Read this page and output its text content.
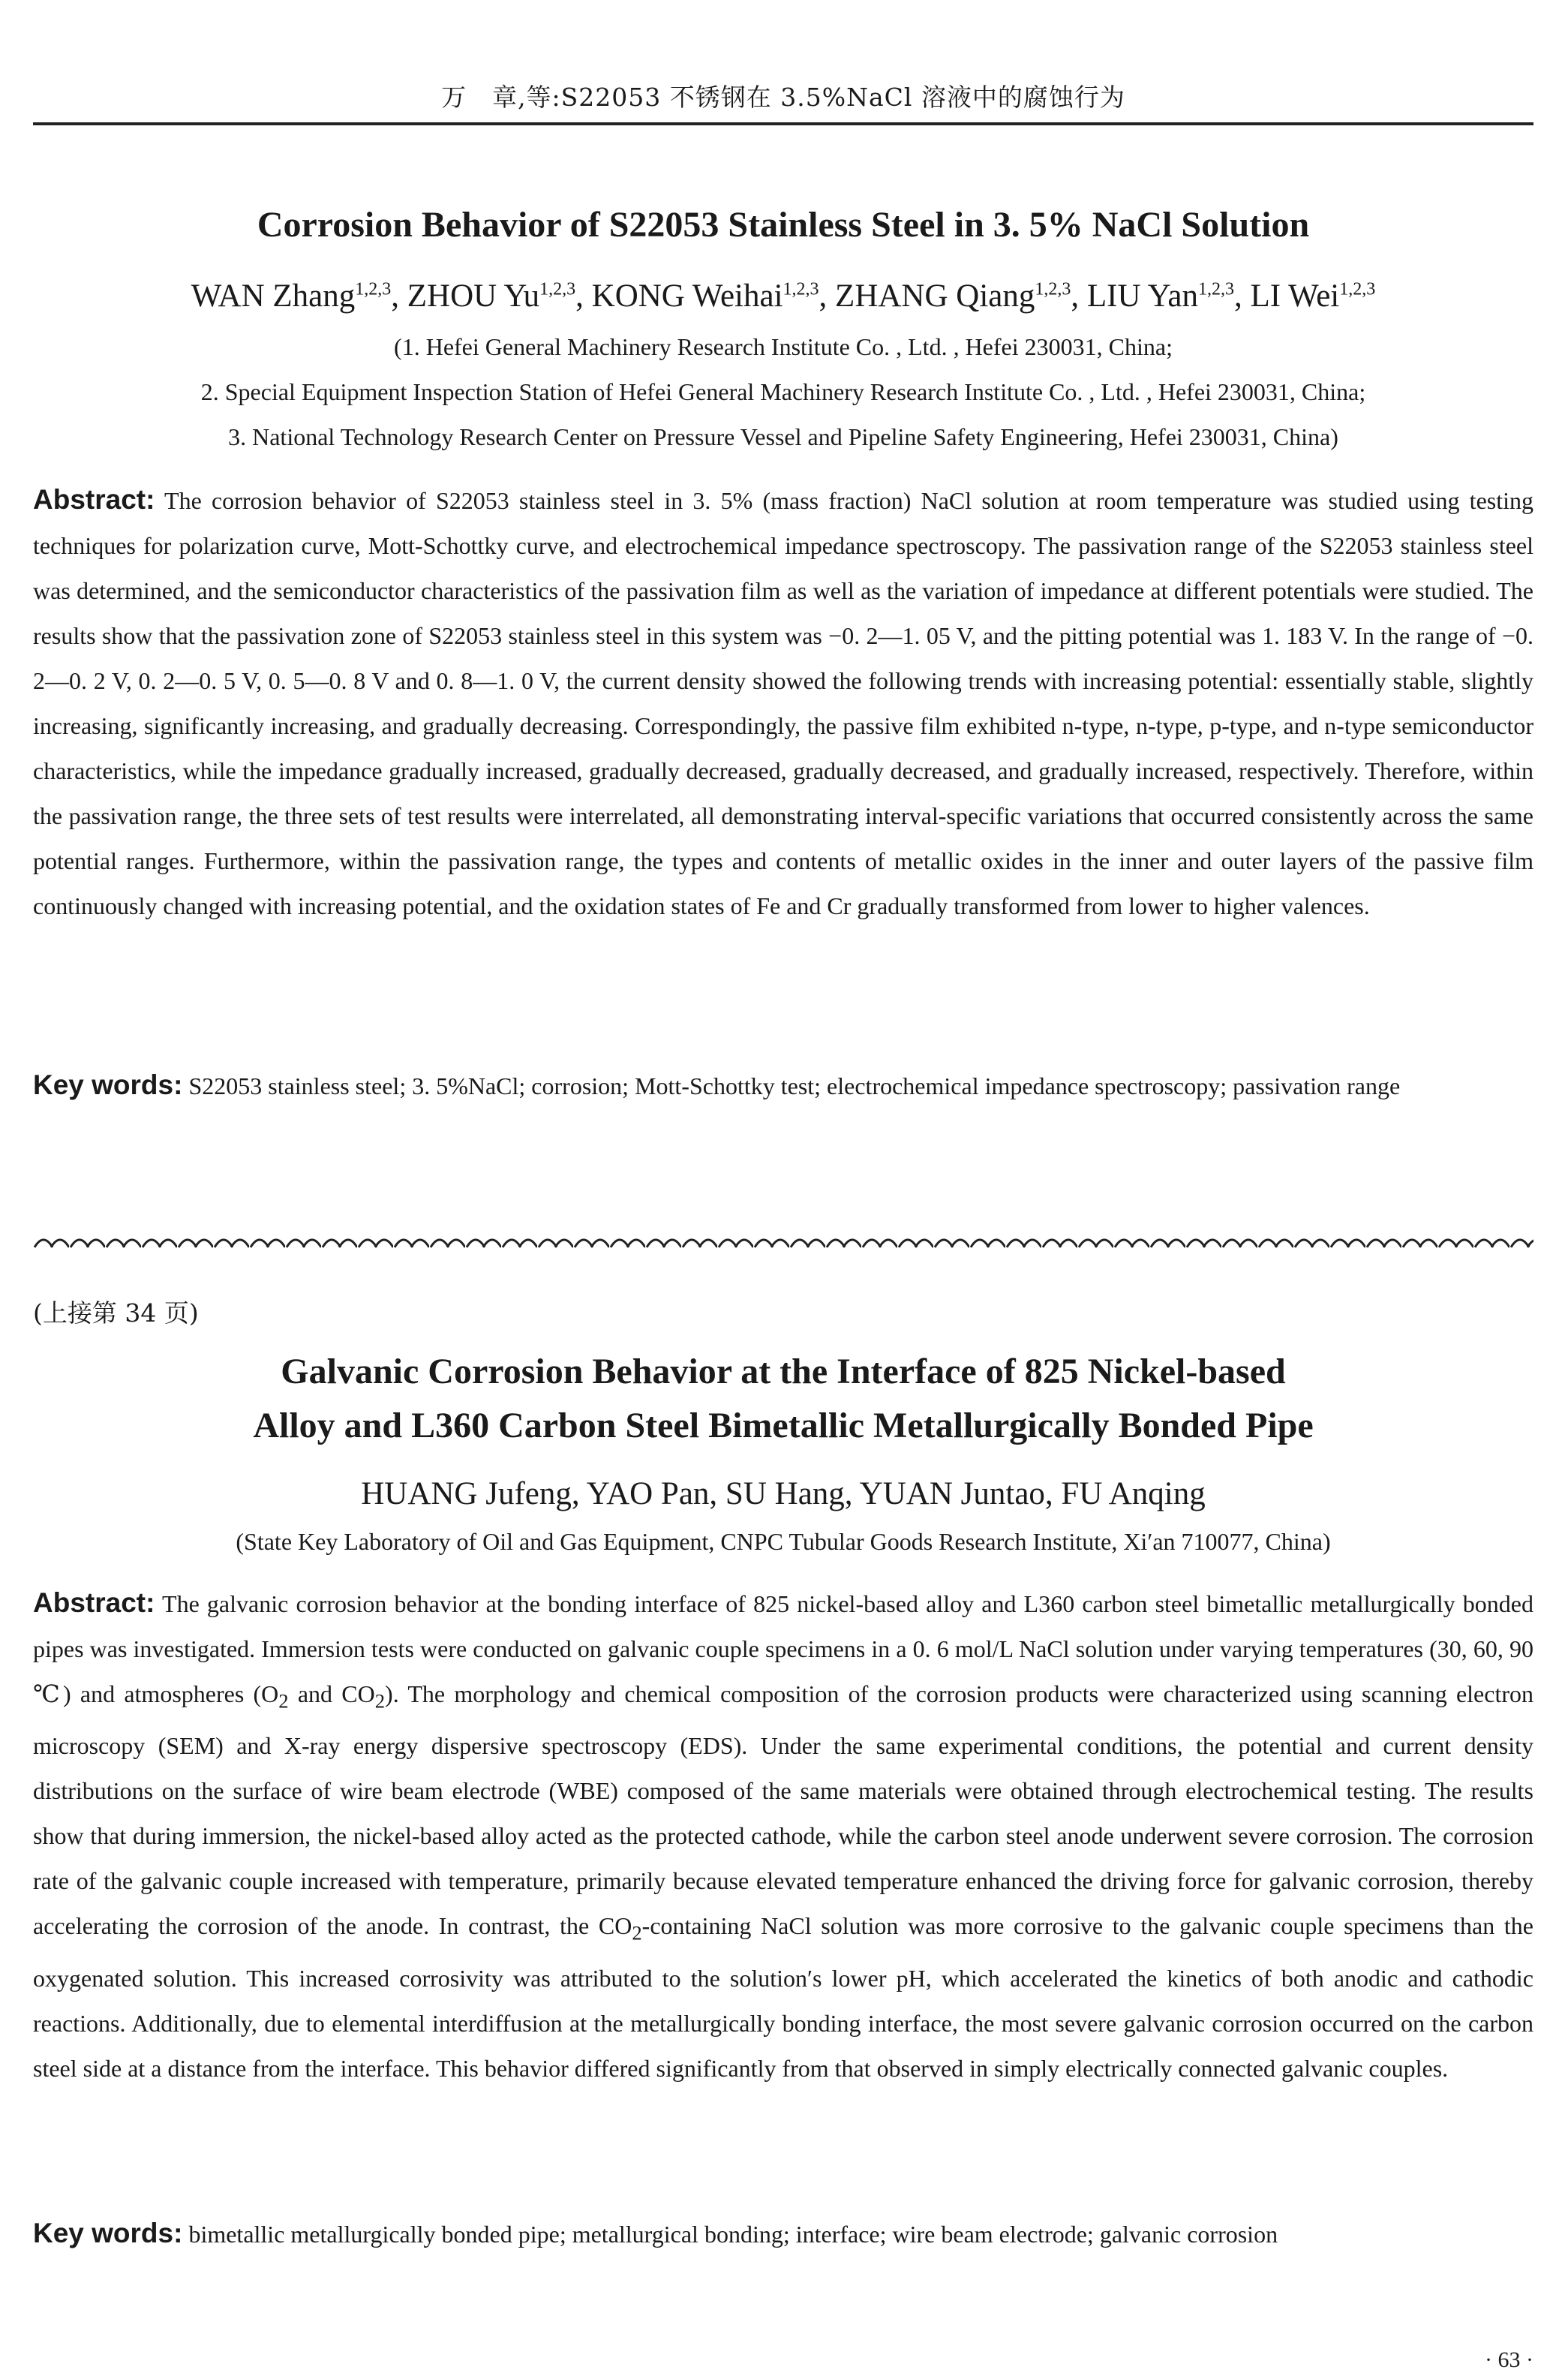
万　章,等:S22053 不锈钢在 3.5%NaCl 溶液中的腐蚀行为
Corrosion Behavior of S22053 Stainless Steel in 3. 5% NaCl Solution
WAN Zhang$^{1,2,3}$, ZHOU Yu$^{1,2,3}$, KONG Weihai$^{1,2,3}$, ZHANG Qiang$^{1,2,3}$, LIU Yan$^{1,2,3}$, LI Wei$^{1,2,3}$
(1. Hefei General Machinery Research Institute Co. , Ltd. , Hefei 230031, China;
2. Special Equipment Inspection Station of Hefei General Machinery Research Institute Co. , Ltd. , Hefei 230031, China;
3. National Technology Research Center on Pressure Vessel and Pipeline Safety Engineering, Hefei 230031, China)
Abstract: The corrosion behavior of S22053 stainless steel in 3. 5% (mass fraction) NaCl solution at room temperature was studied using testing techniques for polarization curve, Mott-Schottky curve, and electrochemical impedance spectroscopy. The passivation range of the S22053 stainless steel was determined, and the semiconductor characteristics of the passivation film as well as the variation of impedance at different potentials were studied. The results show that the passivation zone of S22053 stainless steel in this system was −0. 2—1. 05 V, and the pitting potential was 1. 183 V. In the range of −0. 2—0. 2 V, 0. 2—0. 5 V, 0. 5—0. 8 V and 0. 8—1. 0 V, the current density showed the following trends with increasing potential: essentially stable, slightly increasing, significantly increasing, and gradually decreasing. Correspondingly, the passive film exhibited n-type, n-type, p-type, and n-type semiconductor characteristics, while the impedance gradually increased, gradually decreased, gradually decreased, and gradually increased, respectively. Therefore, within the passivation range, the three sets of test results were interrelated, all demonstrating interval-specific variations that occurred consistently across the same potential ranges. Furthermore, within the passivation range, the types and contents of metallic oxides in the inner and outer layers of the passive film continuously changed with increasing potential, and the oxidation states of Fe and Cr gradually transformed from lower to higher valences.
Key words: S22053 stainless steel; 3. 5%NaCl; corrosion; Mott-Schottky test; electrochemical impedance spectroscopy; passivation range
(上接第 34 页)
Galvanic Corrosion Behavior at the Interface of 825 Nickel-based
Alloy and L360 Carbon Steel Bimetallic Metallurgically Bonded Pipe
HUANG Jufeng, YAO Pan, SU Hang, YUAN Juntao, FU Anqing
(State Key Laboratory of Oil and Gas Equipment, CNPC Tubular Goods Research Institute, Xi′an 710077, China)
Abstract: The galvanic corrosion behavior at the bonding interface of 825 nickel-based alloy and L360 carbon steel bimetallic metallurgically bonded pipes was investigated. Immersion tests were conducted on galvanic couple specimens in a 0. 6 mol/L NaCl solution under varying temperatures (30, 60, 90 ℃) and atmospheres ($O_2$ and $CO_2$). The morphology and chemical composition of the corrosion products were characterized using scanning electron microscopy (SEM) and X-ray energy dispersive spectroscopy (EDS). Under the same experimental conditions, the potential and current density distributions on the surface of wire beam electrode (WBE) composed of the same materials were obtained through electrochemical testing. The results show that during immersion, the nickel-based alloy acted as the protected cathode, while the carbon steel anode underwent severe corrosion. The corrosion rate of the galvanic couple increased with temperature, primarily because elevated temperature enhanced the driving force for galvanic corrosion, thereby accelerating the corrosion of the anode. In contrast, the $CO_2$-containing NaCl solution was more corrosive to the galvanic couple specimens than the oxygenated solution. This increased corrosivity was attributed to the solution′s lower pH, which accelerated the kinetics of both anodic and cathodic reactions. Additionally, due to elemental interdiffusion at the metallurgically bonding interface, the most severe galvanic corrosion occurred on the carbon steel side at a distance from the interface. This behavior differed significantly from that observed in simply electrically connected galvanic couples.
Key words: bimetallic metallurgically bonded pipe; metallurgical bonding; interface; wire beam electrode; galvanic corrosion
· 63 ·
